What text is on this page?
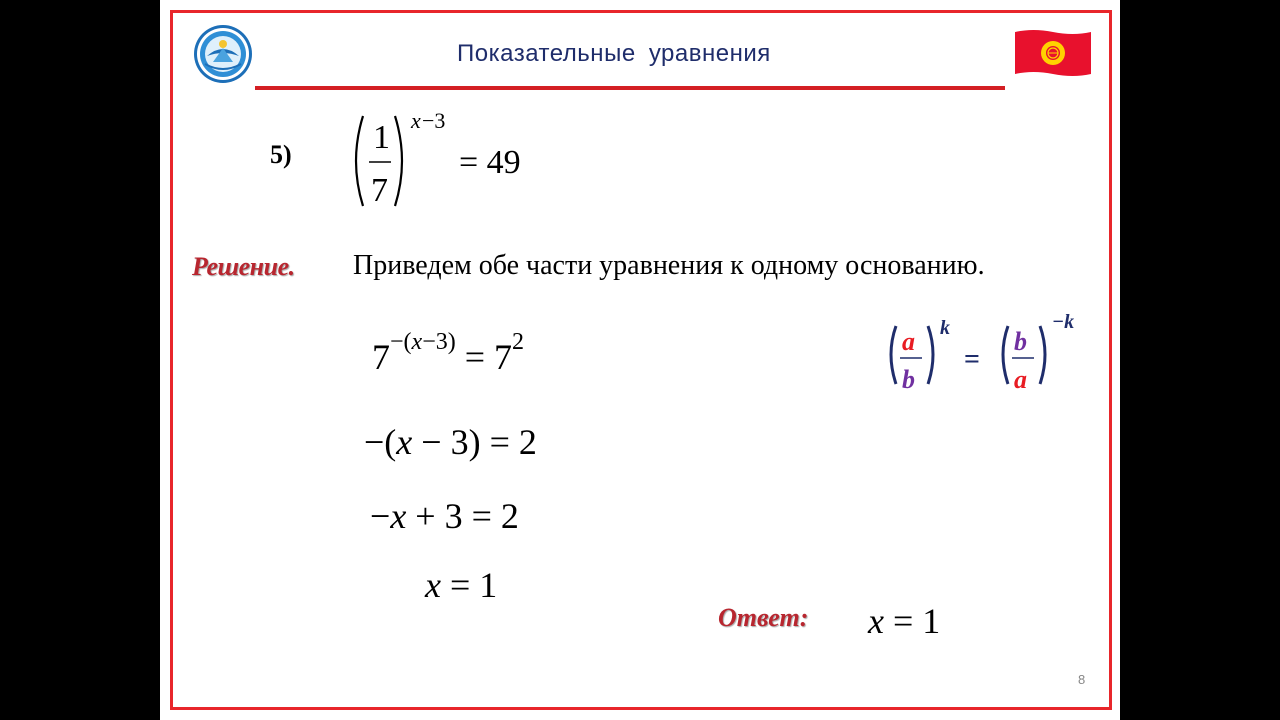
Показательные уравнения
5) 1
7
x −3
= 49
Решение. Приведем обе части уравнения к одному основанию.
$7^{-(x-3)} = 7^2$
−(x − 3) = 2
−x + 3 = 2
x = 1
a
b
k
=
b
a
−k
Ответ: x = 1
8
